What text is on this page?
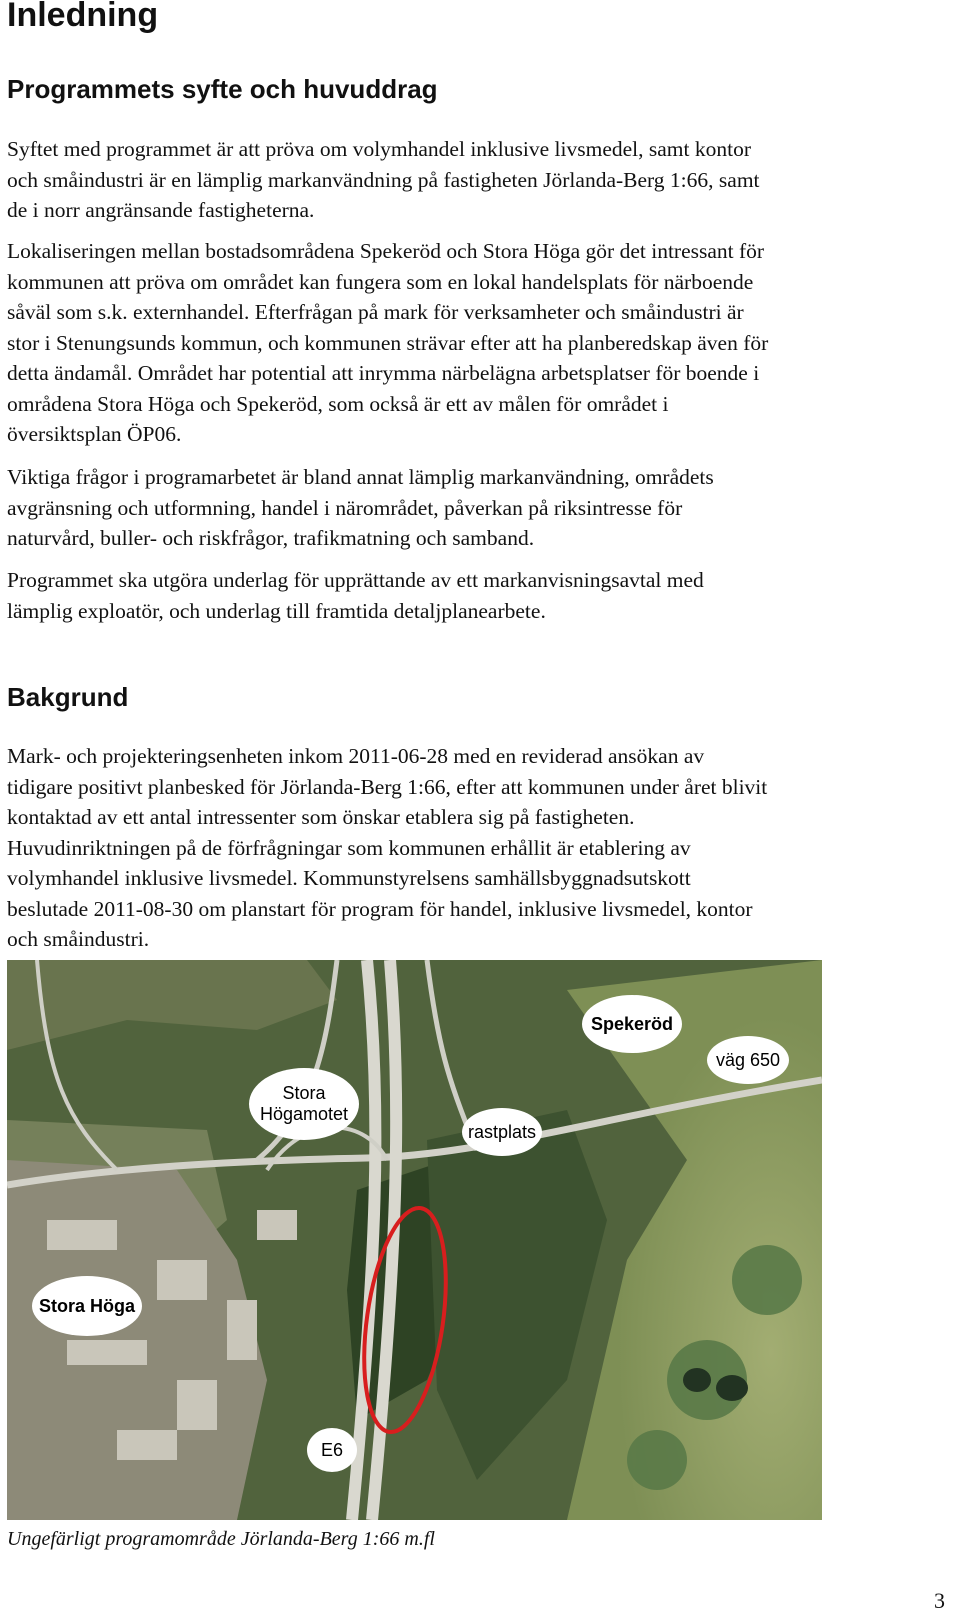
Inledning
Programmets syfte och huvuddrag

Syftet med programmet är att pröva om volymhandel inklusive livsmedel, samt kontor
och småindustri är en lämplig markanvändning på fastigheten Jörlanda-Berg 1:66, samt
de i norr angränsande fastigheterna.

Lokaliseringen mellan bostadsområdena Spekeröd och Stora Höga gör det intressant för
kommunen att pröva om området kan fungera som en lokal handelsplats för närboende
såväl som s.k. externhandel. Efterfrågan på mark för verksamheter och småindustri är
stor i Stenungsunds kommun, och kommunen strävar efter att ha planberedskap även för
detta ändamål. Området har potential att inrymma närbelägna arbetsplatser för boende i
områdena Stora Höga och Spekeröd, som också är ett av målen för området i
översiktsplan ÖP06.

Viktiga frågor i programarbetet är bland annat lämplig markanvändning, områdets
avgränsning och utformning, handel i närområdet, påverkan på riksintresse för
naturvård, buller- och riskfrågor, trafikmatning och samband.

Programmet ska utgöra underlag för upprättande av ett markanvisningsavtal med
lämplig exploatör, och underlag till framtida detaljplanearbete.

Bakgrund

Mark- och projekteringsenheten inkom 2011-06-28 med en reviderad ansökan av
tidigare positivt planbesked för Jörlanda-Berg 1:66, efter att kommunen under året blivit
kontaktad av ett antal intressenter som önskar etablera sig på fastigheten.
Huvudinriktningen på de förfrågningar som kommunen erhållit är etablering av
volymhandel inklusive livsmedel. Kommunstyrelsens samhällsbyggnadsutskott
beslutade 2011-08-30 om planstart för program för handel, inklusive livsmedel, kontor
och småindustri.

Spekeröd
väg 650
Stora
Högamotet
rastplats
Stora Höga
E6

Ungefärligt programområde Jörlanda-Berg 1:66 m.fl

3
